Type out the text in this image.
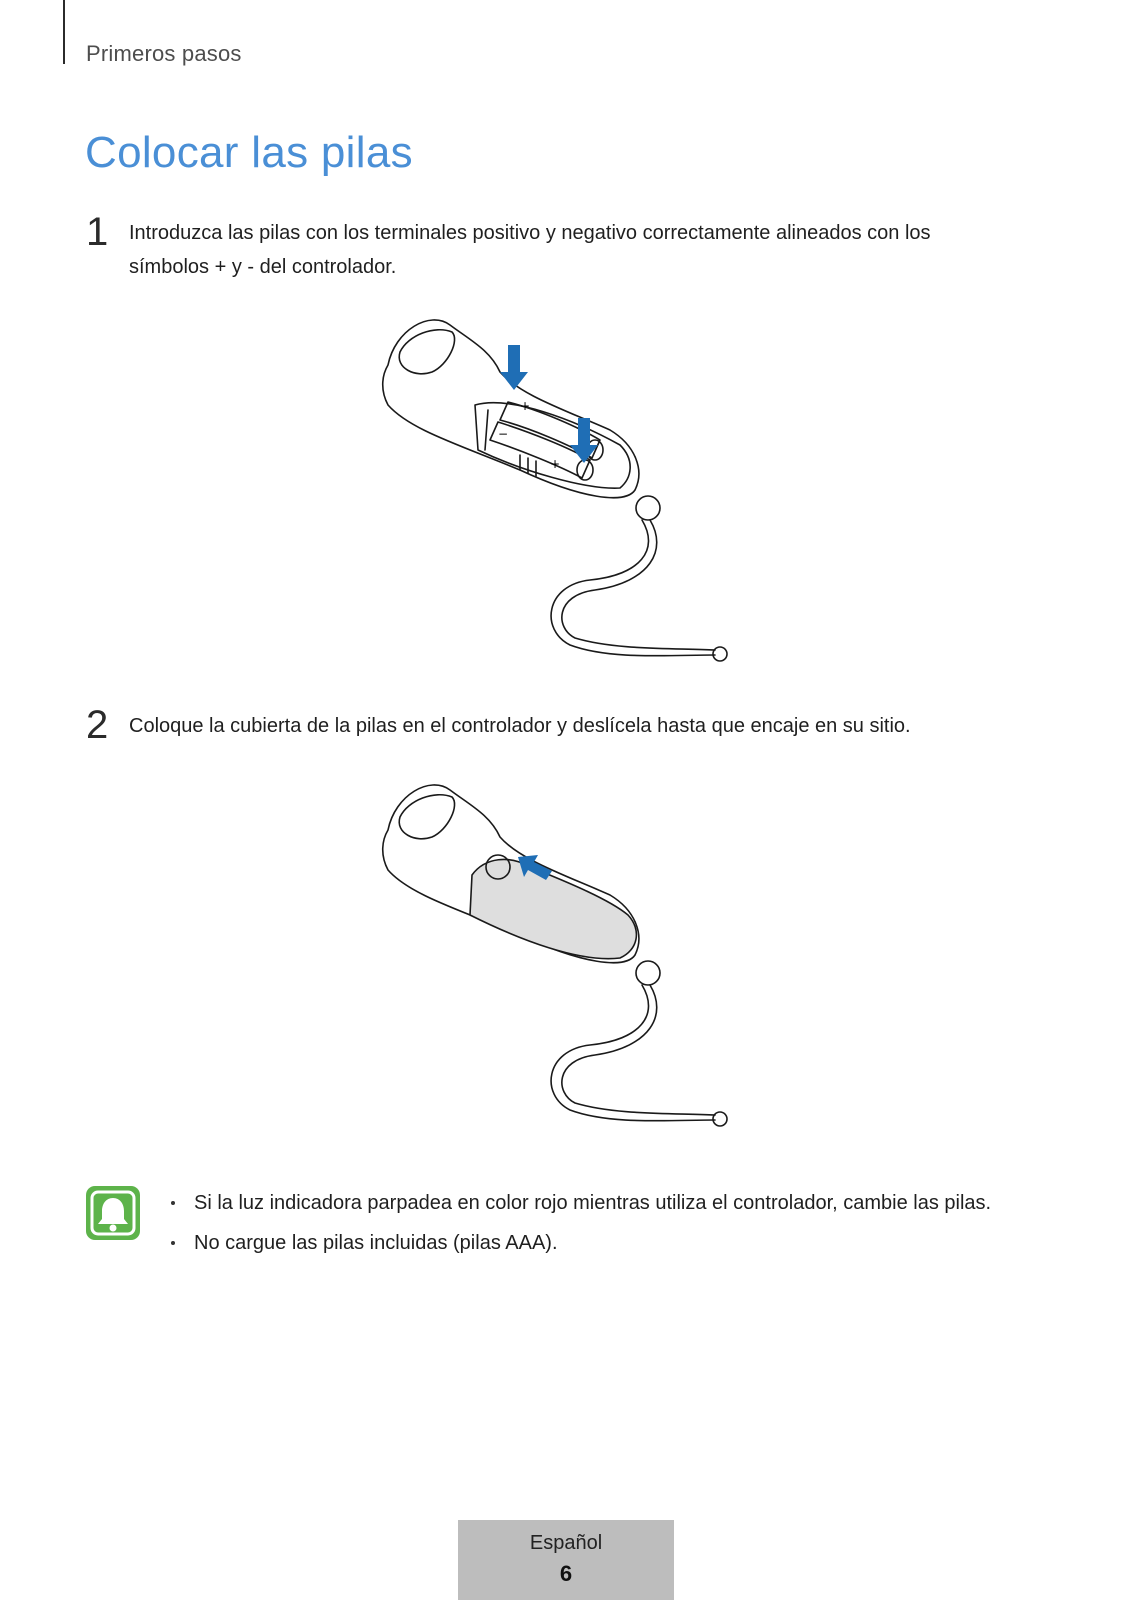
Primeros pasos
Colocar las pilas
1 Introduzca las pilas con los terminales positivo y negativo correctamente alineados con los
símbolos + y - del controlador.
+
+
−
2 Coloque la cubierta de la pilas en el controlador y deslícela hasta que encaje en su sitio.
Si la luz indicadora parpadea en color rojo mientras utiliza el controlador, cambie las pilas.
No cargue las pilas incluidas (pilas AAA).
Español
6
